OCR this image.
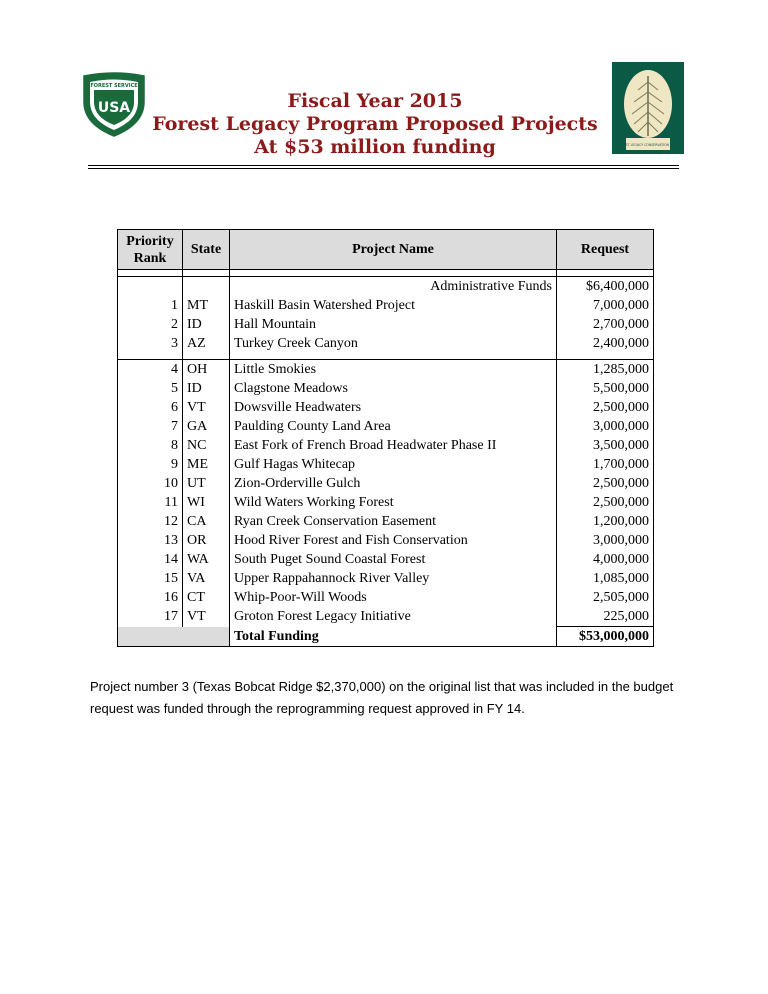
USA
FOREST SERVICE
FOREST LEGACY CONSERVATION LAND
Fiscal Year 2015
Forest Legacy Program Proposed Projects
At $53 million funding
Priority Rank	State	Project Name	Request

		Administrative Funds	$6,400,000
1	MT	Haskill Basin Watershed Project	7,000,000
2	ID	Hall Mountain	2,700,000
3	AZ	Turkey Creek Canyon	2,400,000

4	OH	Little Smokies	1,285,000
5	ID	Clagstone Meadows	5,500,000
6	VT	Dowsville Headwaters	2,500,000
7	GA	Paulding County Land Area	3,000,000
8	NC	East Fork of French Broad Headwater Phase II	3,500,000
9	ME	Gulf Hagas Whitecap	1,700,000
10	UT	Zion-Orderville Gulch	2,500,000
11	WI	Wild Waters Working Forest	2,500,000
12	CA	Ryan Creek Conservation Easement	1,200,000
13	OR	Hood River Forest and Fish Conservation	3,000,000
14	WA	South Puget Sound Coastal Forest	4,000,000
15	VA	Upper Rappahannock River Valley	1,085,000
16	CT	Whip-Poor-Will Woods	2,505,000
17	VT	Groton Forest Legacy Initiative	225,000
		Total Funding	$53,000,000
Project number 3 (Texas Bobcat Ridge $2,370,000) on the original list that was included in the budget request was funded through the reprogramming request approved in FY 14.
